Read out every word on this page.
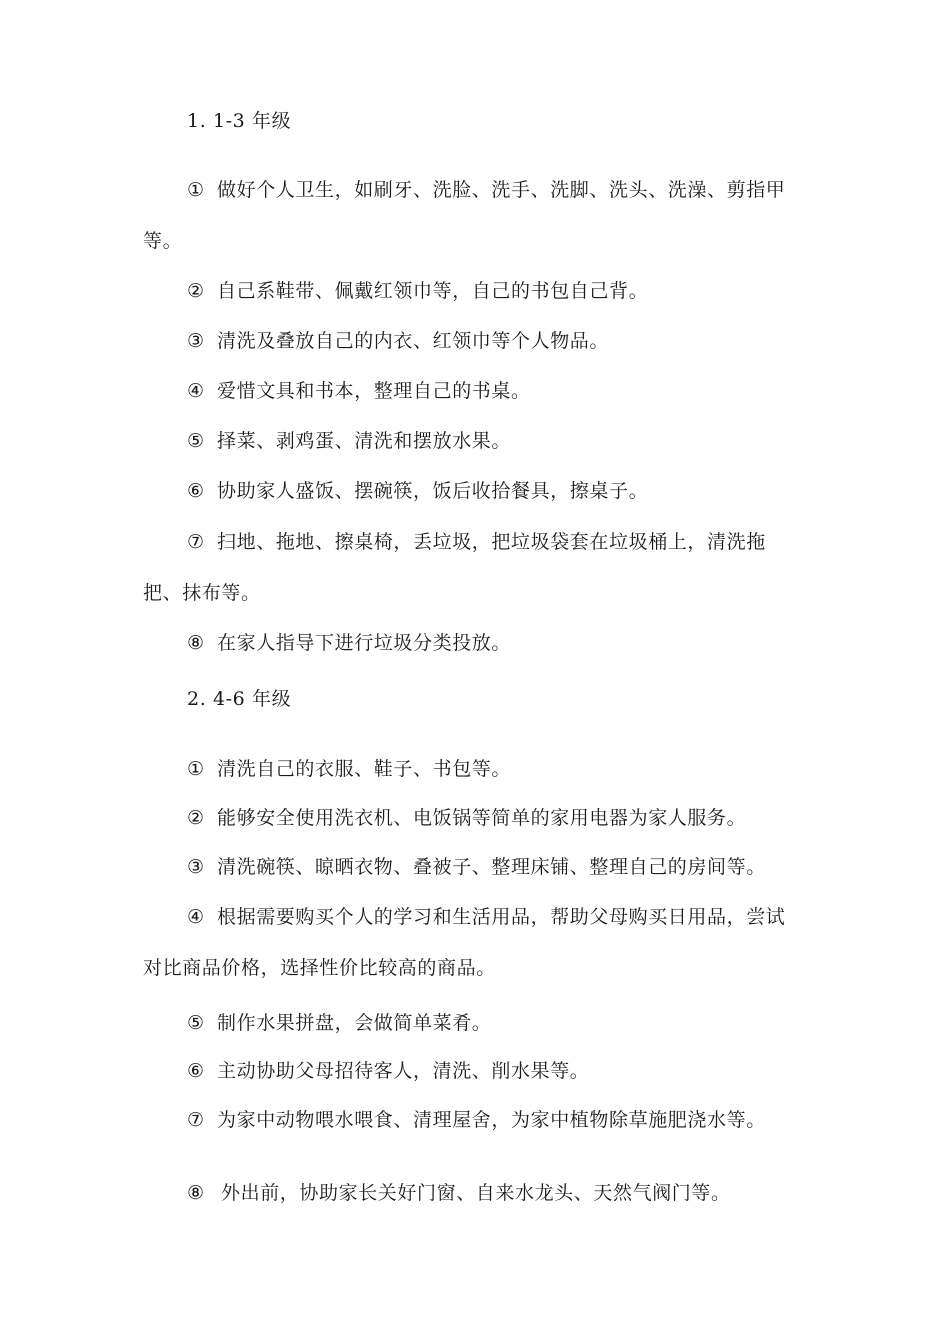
1. 1-3 年级
① 做好个人卫生，如刷牙、洗脸、洗手、洗脚、洗头、洗澡、剪指甲
等。
② 自己系鞋带、佩戴红领巾等，自己的书包自己背。
③ 清洗及叠放自己的内衣、红领巾等个人物品。
④ 爱惜文具和书本，整理自己的书桌。
⑤ 择菜、剥鸡蛋、清洗和摆放水果。
⑥ 协助家人盛饭、摆碗筷，饭后收拾餐具，擦桌子。
⑦ 扫地、拖地、擦桌椅，丢垃圾，把垃圾袋套在垃圾桶上，清洗拖
把、抹布等。
⑧ 在家人指导下进行垃圾分类投放。
2. 4-6 年级
① 清洗自己的衣服、鞋子、书包等。
② 能够安全使用洗衣机、电饭锅等简单的家用电器为家人服务。
③ 清洗碗筷、晾晒衣物、叠被子、整理床铺、整理自己的房间等。
④ 根据需要购买个人的学习和生活用品，帮助父母购买日用品，尝试
对比商品价格，选择性价比较高的商品。
⑤ 制作水果拼盘，会做简单菜肴。
⑥ 主动协助父母招待客人，清洗、削水果等。
⑦ 为家中动物喂水喂食、清理屋舍，为家中植物除草施肥浇水等。
⑧ 外出前，协助家长关好门窗、自来水龙头、天然气阀门等。
